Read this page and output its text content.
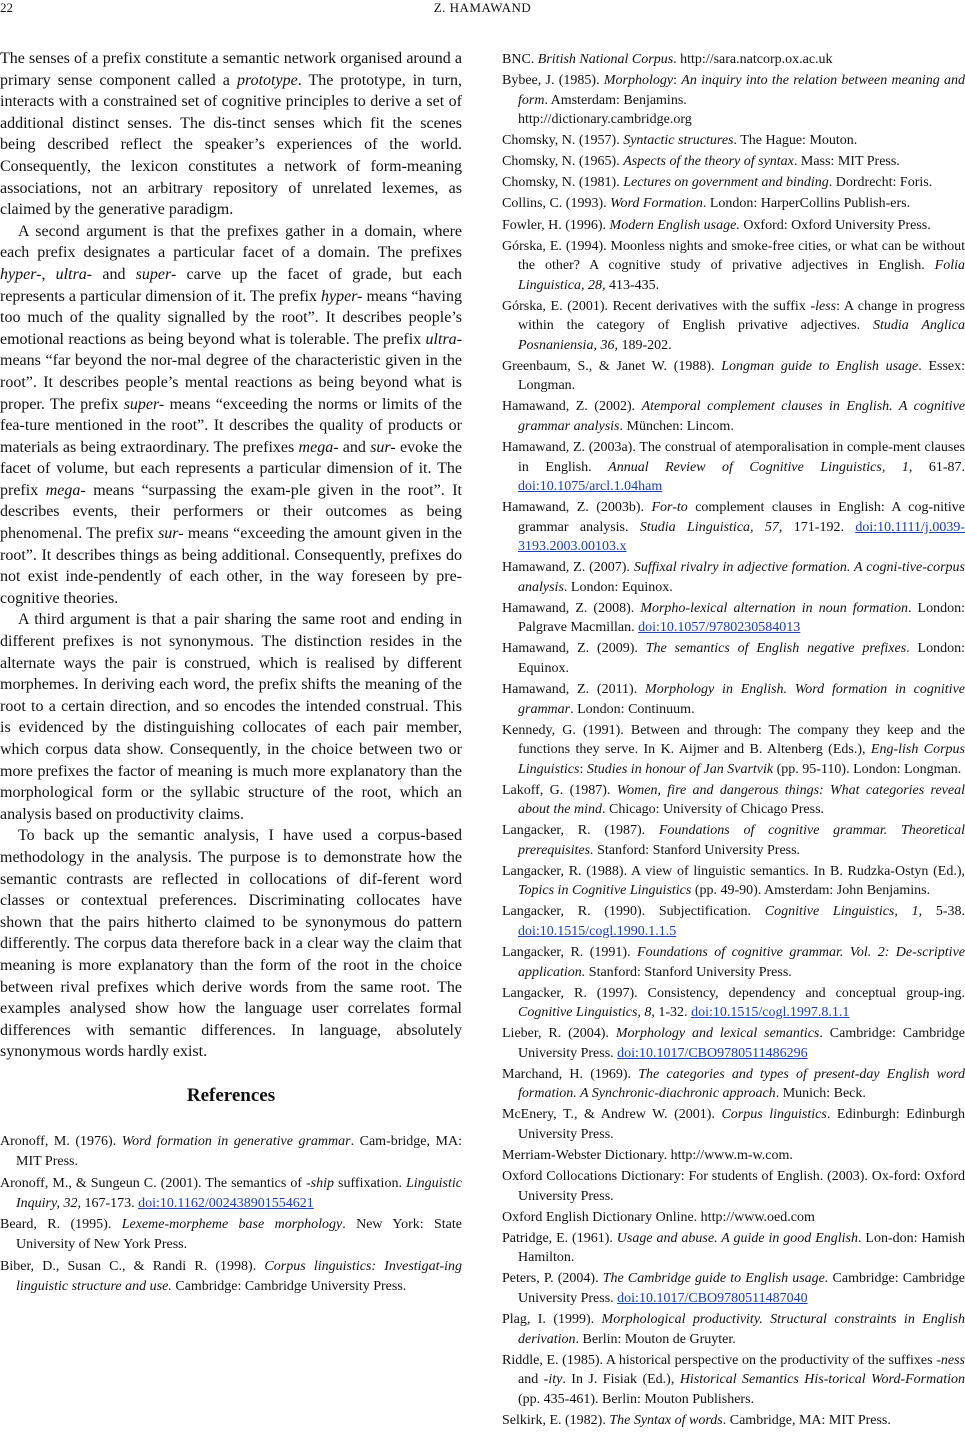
22	Z. HAMAWAND

The senses of a prefix constitute a semantic network organised around a primary sense component called a prototype. The prototype, in turn, interacts with a constrained set of cognitive principles to derive a set of additional distinct senses. The dis-tinct senses which fit the scenes being described reflect the speaker’s experiences of the world. Consequently, the lexicon constitutes a network of form-meaning associations, not an arbitrary repository of unrelated lexemes, as claimed by the generative paradigm.

A second argument is that the prefixes gather in a domain, where each prefix designates a particular facet of a domain. The prefixes hyper-, ultra- and super- carve up the facet of grade, but each represents a particular dimension of it. The prefix hyper- means “having too much of the quality signalled by the root”. It describes people’s emotional reactions as being beyond what is tolerable. The prefix ultra- means “far beyond the nor-mal degree of the characteristic given in the root”. It describes people’s mental reactions as being beyond what is proper. The prefix super- means “exceeding the norms or limits of the fea-ture mentioned in the root”. It describes the quality of products or materials as being extraordinary. The prefixes mega- and sur- evoke the facet of volume, but each represents a particular dimension of it. The prefix mega- means “surpassing the exam-ple given in the root”. It describes events, their performers or their outcomes as being phenomenal. The prefix sur- means “exceeding the amount given in the root”. It describes things as being additional. Consequently, prefixes do not exist inde-pendently of each other, in the way foreseen by pre-cognitive theories.

A third argument is that a pair sharing the same root and ending in different prefixes is not synonymous. The distinction resides in the alternate ways the pair is construed, which is realised by different morphemes. In deriving each word, the prefix shifts the meaning of the root to a certain direction, and so encodes the intended construal. This is evidenced by the distinguishing collocates of each pair member, which corpus data show. Consequently, in the choice between two or more prefixes the factor of meaning is much more explanatory than the morphological form or the syllabic structure of the root, which an analysis based on productivity claims.

To back up the semantic analysis, I have used a corpus-based methodology in the analysis. The purpose is to demonstrate how the semantic contrasts are reflected in collocations of dif-ferent word classes or contextual preferences. Discriminating collocates have shown that the pairs hitherto claimed to be synonymous do pattern differently. The corpus data therefore back in a clear way the claim that meaning is more explanatory than the form of the root in the choice between rival prefixes which derive words from the same root. The examples analysed show how the language user correlates formal differences with semantic differences. In language, absolutely synonymous words hardly exist.

References
Aronoff, M. (1976). Word formation in generative grammar. Cam-bridge, MA: MIT Press.
Aronoff, M., & Sungeun C. (2001). The semantics of -ship suffixation. Linguistic Inquiry, 32, 167-173. doi:10.1162/002438901554621
Beard, R. (1995). Lexeme-morpheme base morphology. New York: State University of New York Press.
Biber, D., Susan C., & Randi R. (1998). Corpus linguistics: Investigat-ing linguistic structure and use. Cambridge: Cambridge University Press.
BNC. British National Corpus. http://sara.natcorp.ox.ac.uk
Bybee, J. (1985). Morphology: An inquiry into the relation between meaning and form. Amsterdam: Benjamins.
http://dictionary.cambridge.org
Chomsky, N. (1957). Syntactic structures. The Hague: Mouton.
Chomsky, N. (1965). Aspects of the theory of syntax. Mass: MIT Press.
Chomsky, N. (1981). Lectures on government and binding. Dordrecht: Foris.
Collins, C. (1993). Word Formation. London: HarperCollins Publish-ers.
Fowler, H. (1996). Modern English usage. Oxford: Oxford University Press.
Górska, E. (1994). Moonless nights and smoke-free cities, or what can be without the other? A cognitive study of privative adjectives in English. Folia Linguistica, 28, 413-435.
Górska, E. (2001). Recent derivatives with the suffix -less: A change in progress within the category of English privative adjectives. Studia Anglica Posnaniensia, 36, 189-202.
Greenbaum, S., & Janet W. (1988). Longman guide to English usage. Essex: Longman.
Hamawand, Z. (2002). Atemporal complement clauses in English. A cognitive grammar analysis. München: Lincom.
Hamawand, Z. (2003a). The construal of atemporalisation in comple-ment clauses in English. Annual Review of Cognitive Linguistics, 1, 61-87. doi:10.1075/arcl.1.04ham
Hamawand, Z. (2003b). For-to complement clauses in English: A cog-nitive grammar analysis. Studia Linguistica, 57, 171-192. doi:10.1111/j.0039-3193.2003.00103.x
Hamawand, Z. (2007). Suffixal rivalry in adjective formation. A cogni-tive-corpus analysis. London: Equinox.
Hamawand, Z. (2008). Morpho-lexical alternation in noun formation. London: Palgrave Macmillan. doi:10.1057/9780230584013
Hamawand, Z. (2009). The semantics of English negative prefixes. London: Equinox.
Hamawand, Z. (2011). Morphology in English. Word formation in cognitive grammar. London: Continuum.
Kennedy, G. (1991). Between and through: The company they keep and the functions they serve. In K. Aijmer and B. Altenberg (Eds.), Eng-lish Corpus Linguistics: Studies in honour of Jan Svartvik (pp. 95-110). London: Longman.
Lakoff, G. (1987). Women, fire and dangerous things: What categories reveal about the mind. Chicago: University of Chicago Press.
Langacker, R. (1987). Foundations of cognitive grammar. Theoretical prerequisites. Stanford: Stanford University Press.
Langacker, R. (1988). A view of linguistic semantics. In B. Rudzka-Ostyn (Ed.), Topics in Cognitive Linguistics (pp. 49-90). Amsterdam: John Benjamins.
Langacker, R. (1990). Subjectification. Cognitive Linguistics, 1, 5-38. doi:10.1515/cogl.1990.1.1.5
Langacker, R. (1991). Foundations of cognitive grammar. Vol. 2: De-scriptive application. Stanford: Stanford University Press.
Langacker, R. (1997). Consistency, dependency and conceptual group-ing. Cognitive Linguistics, 8, 1-32. doi:10.1515/cogl.1997.8.1.1
Lieber, R. (2004). Morphology and lexical semantics. Cambridge: Cambridge University Press. doi:10.1017/CBO9780511486296
Marchand, H. (1969). The categories and types of present-day English word formation. A Synchronic-diachronic approach. Munich: Beck.
McEnery, T., & Andrew W. (2001). Corpus linguistics. Edinburgh: Edinburgh University Press.
Merriam-Webster Dictionary. http://www.m-w.com.
Oxford Collocations Dictionary: For students of English. (2003). Ox-ford: Oxford University Press.
Oxford English Dictionary Online. http://www.oed.com
Patridge, E. (1961). Usage and abuse. A guide in good English. Lon-don: Hamish Hamilton.
Peters, P. (2004). The Cambridge guide to English usage. Cambridge: Cambridge University Press. doi:10.1017/CBO9780511487040
Plag, I. (1999). Morphological productivity. Structural constraints in English derivation. Berlin: Mouton de Gruyter.
Riddle, E. (1985). A historical perspective on the productivity of the suffixes -ness and -ity. In J. Fisiak (Ed.), Historical Semantics His-torical Word-Formation (pp. 435-461). Berlin: Mouton Publishers.
Selkirk, E. (1982). The Syntax of words. Cambridge, MA: MIT Press.
